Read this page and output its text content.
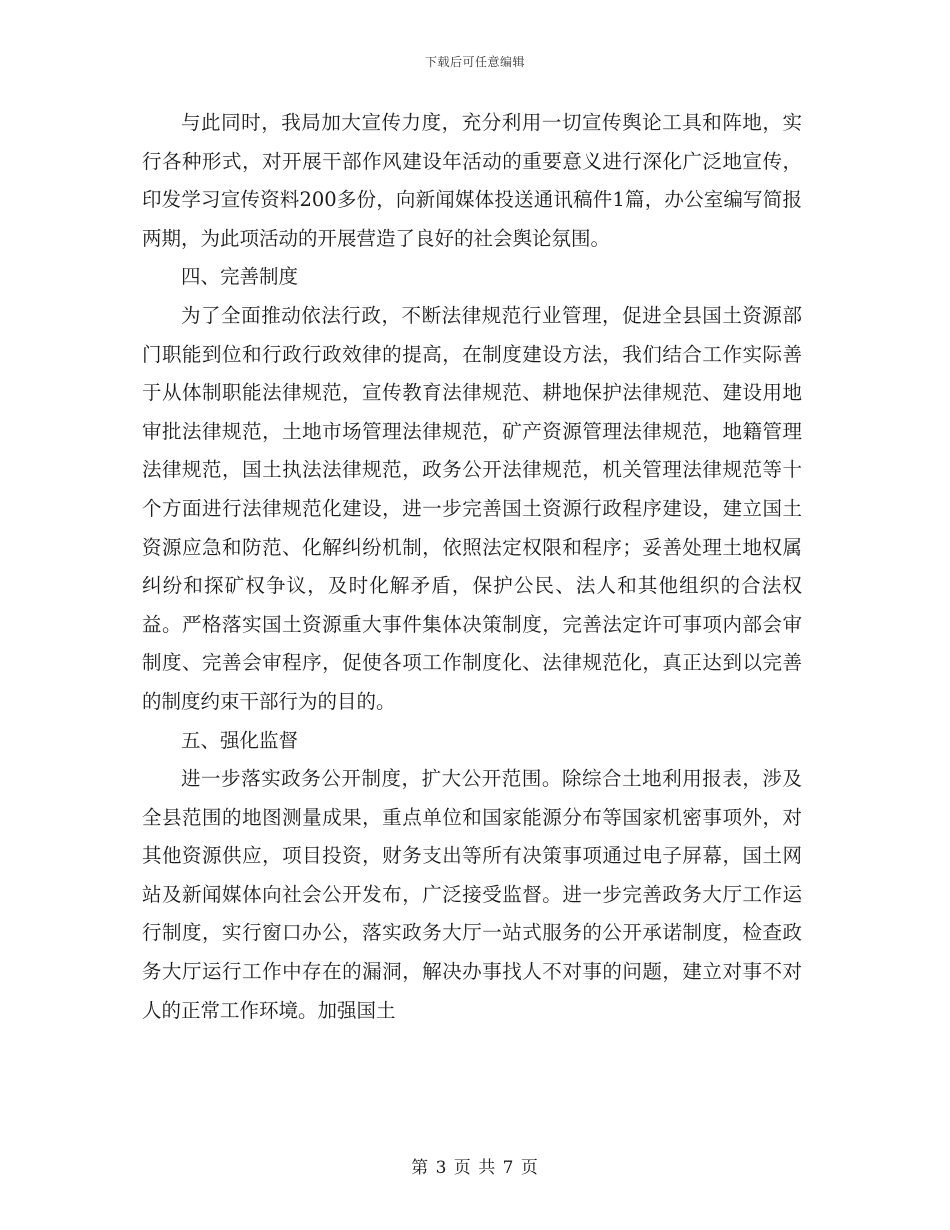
下载后可任意编辑

与此同时，我局加大宣传力度，充分利用一切宣传舆论工具和阵地，实行各种形式，对开展干部作风建设年活动的重要意义进行深化广泛地宣传，印发学习宣传资料200多份，向新闻媒体投送通讯稿件1篇，办公室编写简报两期，为此项活动的开展营造了良好的社会舆论氛围。

四、完善制度

为了全面推动依法行政，不断法律规范行业管理，促进全县国土资源部门职能到位和行政行政效律的提高，在制度建设方法，我们结合工作实际善于从体制职能法律规范，宣传教育法律规范、耕地保护法律规范、建设用地审批法律规范，土地市场管理法律规范，矿产资源管理法律规范，地籍管理法律规范，国土执法法律规范，政务公开法律规范，机关管理法律规范等十个方面进行法律规范化建设，进一步完善国土资源行政程序建设，建立国土资源应急和防范、化解纠纷机制，依照法定权限和程序；妥善处理土地权属纠纷和探矿权争议，及时化解矛盾，保护公民、法人和其他组织的合法权益。严格落实国土资源重大事件集体决策制度，完善法定许可事项内部会审制度、完善会审程序，促使各项工作制度化、法律规范化，真正达到以完善的制度约束干部行为的目的。

五、强化监督

进一步落实政务公开制度，扩大公开范围。除综合土地利用报表，涉及全县范围的地图测量成果，重点单位和国家能源分布等国家机密事项外，对其他资源供应，项目投资，财务支出等所有决策事项通过电子屏幕，国土网站及新闻媒体向社会公开发布，广泛接受监督。进一步完善政务大厅工作运行制度，实行窗口办公，落实政务大厅一站式服务的公开承诺制度，检查政务大厅运行工作中存在的漏洞，解决办事找人不对事的问题，建立对事不对人的正常工作环境。加强国土

第 3 页 共 7 页
